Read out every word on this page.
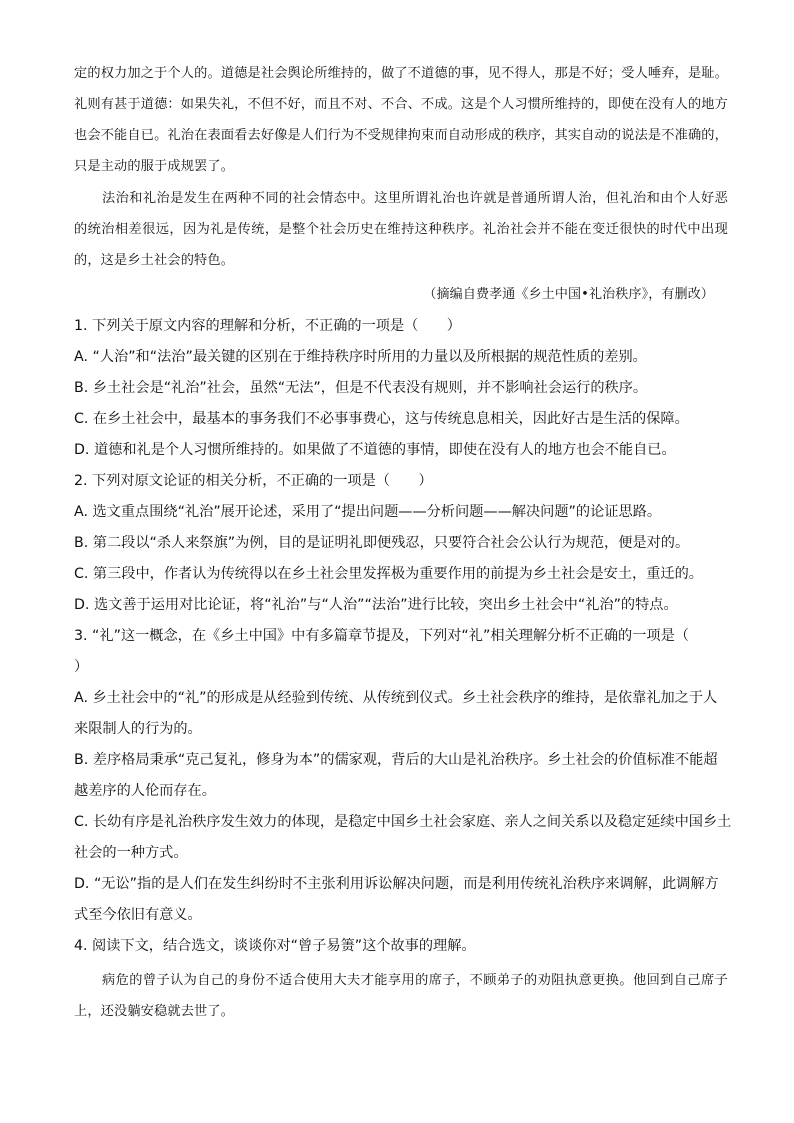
定的权力加之于个人的。道德是社会舆论所维持的，做了不道德的事，见不得人，那是不好；受人唾弃，是耻。礼则有甚于道德：如果失礼，不但不好，而且不对、不合、不成。这是个人习惯所维持的，即使在没有人的地方也会不能自已。礼治在表面看去好像是人们行为不受规律拘束而自动形成的秩序，其实自动的说法是不准确的，只是主动的服于成规罢了。

法治和礼治是发生在两种不同的社会情态中。这里所谓礼治也许就是普通所谓人治，但礼治和由个人好恶的统治相差很远，因为礼是传统，是整个社会历史在维持这种秩序。礼治社会并不能在变迁很快的时代中出现的，这是乡土社会的特色。

（摘编自费孝通《乡土中国•礼治秩序》，有删改）

1. 下列关于原文内容的理解和分析，不正确的一项是（　　）

A. “人治”和“法治”最关键的区别在于维持秩序时所用的力量以及所根据的规范性质的差别。

B. 乡土社会是“礼治”社会，虽然“无法”，但是不代表没有规则，并不影响社会运行的秩序。

C. 在乡土社会中，最基本的事务我们不必事事费心，这与传统息息相关，因此好古是生活的保障。

D. 道德和礼是个人习惯所维持的。如果做了不道德的事情，即使在没有人的地方也会不能自已。

2. 下列对原文论证的相关分析，不正确的一项是（　　）

A. 选文重点围绕“礼治”展开论述，采用了“提出问题——分析问题——解决问题”的论证思路。

B. 第二段以“杀人来祭旗”为例，目的是证明礼即便残忍，只要符合社会公认行为规范，便是对的。

C. 第三段中，作者认为传统得以在乡土社会里发挥极为重要作用的前提为乡土社会是安土，重迁的。

D. 选文善于运用对比论证，将“礼治”与“人治”“法治”进行比较，突出乡土社会中“礼治”的特点。

3. “礼”这一概念，在《乡土中国》中有多篇章节提及，下列对“礼”相关理解分析不正确的一项是（
）

A. 乡土社会中的“礼”的形成是从经验到传统、从传统到仪式。乡土社会秩序的维持，是依靠礼加之于人
来限制人的行为的。

B. 差序格局秉承“克己复礼，修身为本”的儒家观，背后的大山是礼治秩序。乡土社会的价值标准不能超
越差序的人伦而存在。

C. 长幼有序是礼治秩序发生效力的体现，是稳定中国乡土社会家庭、亲人之间关系以及稳定延续中国乡土
社会的一种方式。

D. “无讼”指的是人们在发生纠纷时不主张利用诉讼解决问题，而是利用传统礼治秩序来调解，此调解方
式至今依旧有意义。

4. 阅读下文，结合选文，谈谈你对“曾子易箦”这个故事的理解。

病危的曾子认为自己的身份不适合使用大夫才能享用的席子，不顾弟子的劝阻执意更换。他回到自己席子上，还没躺安稳就去世了。
